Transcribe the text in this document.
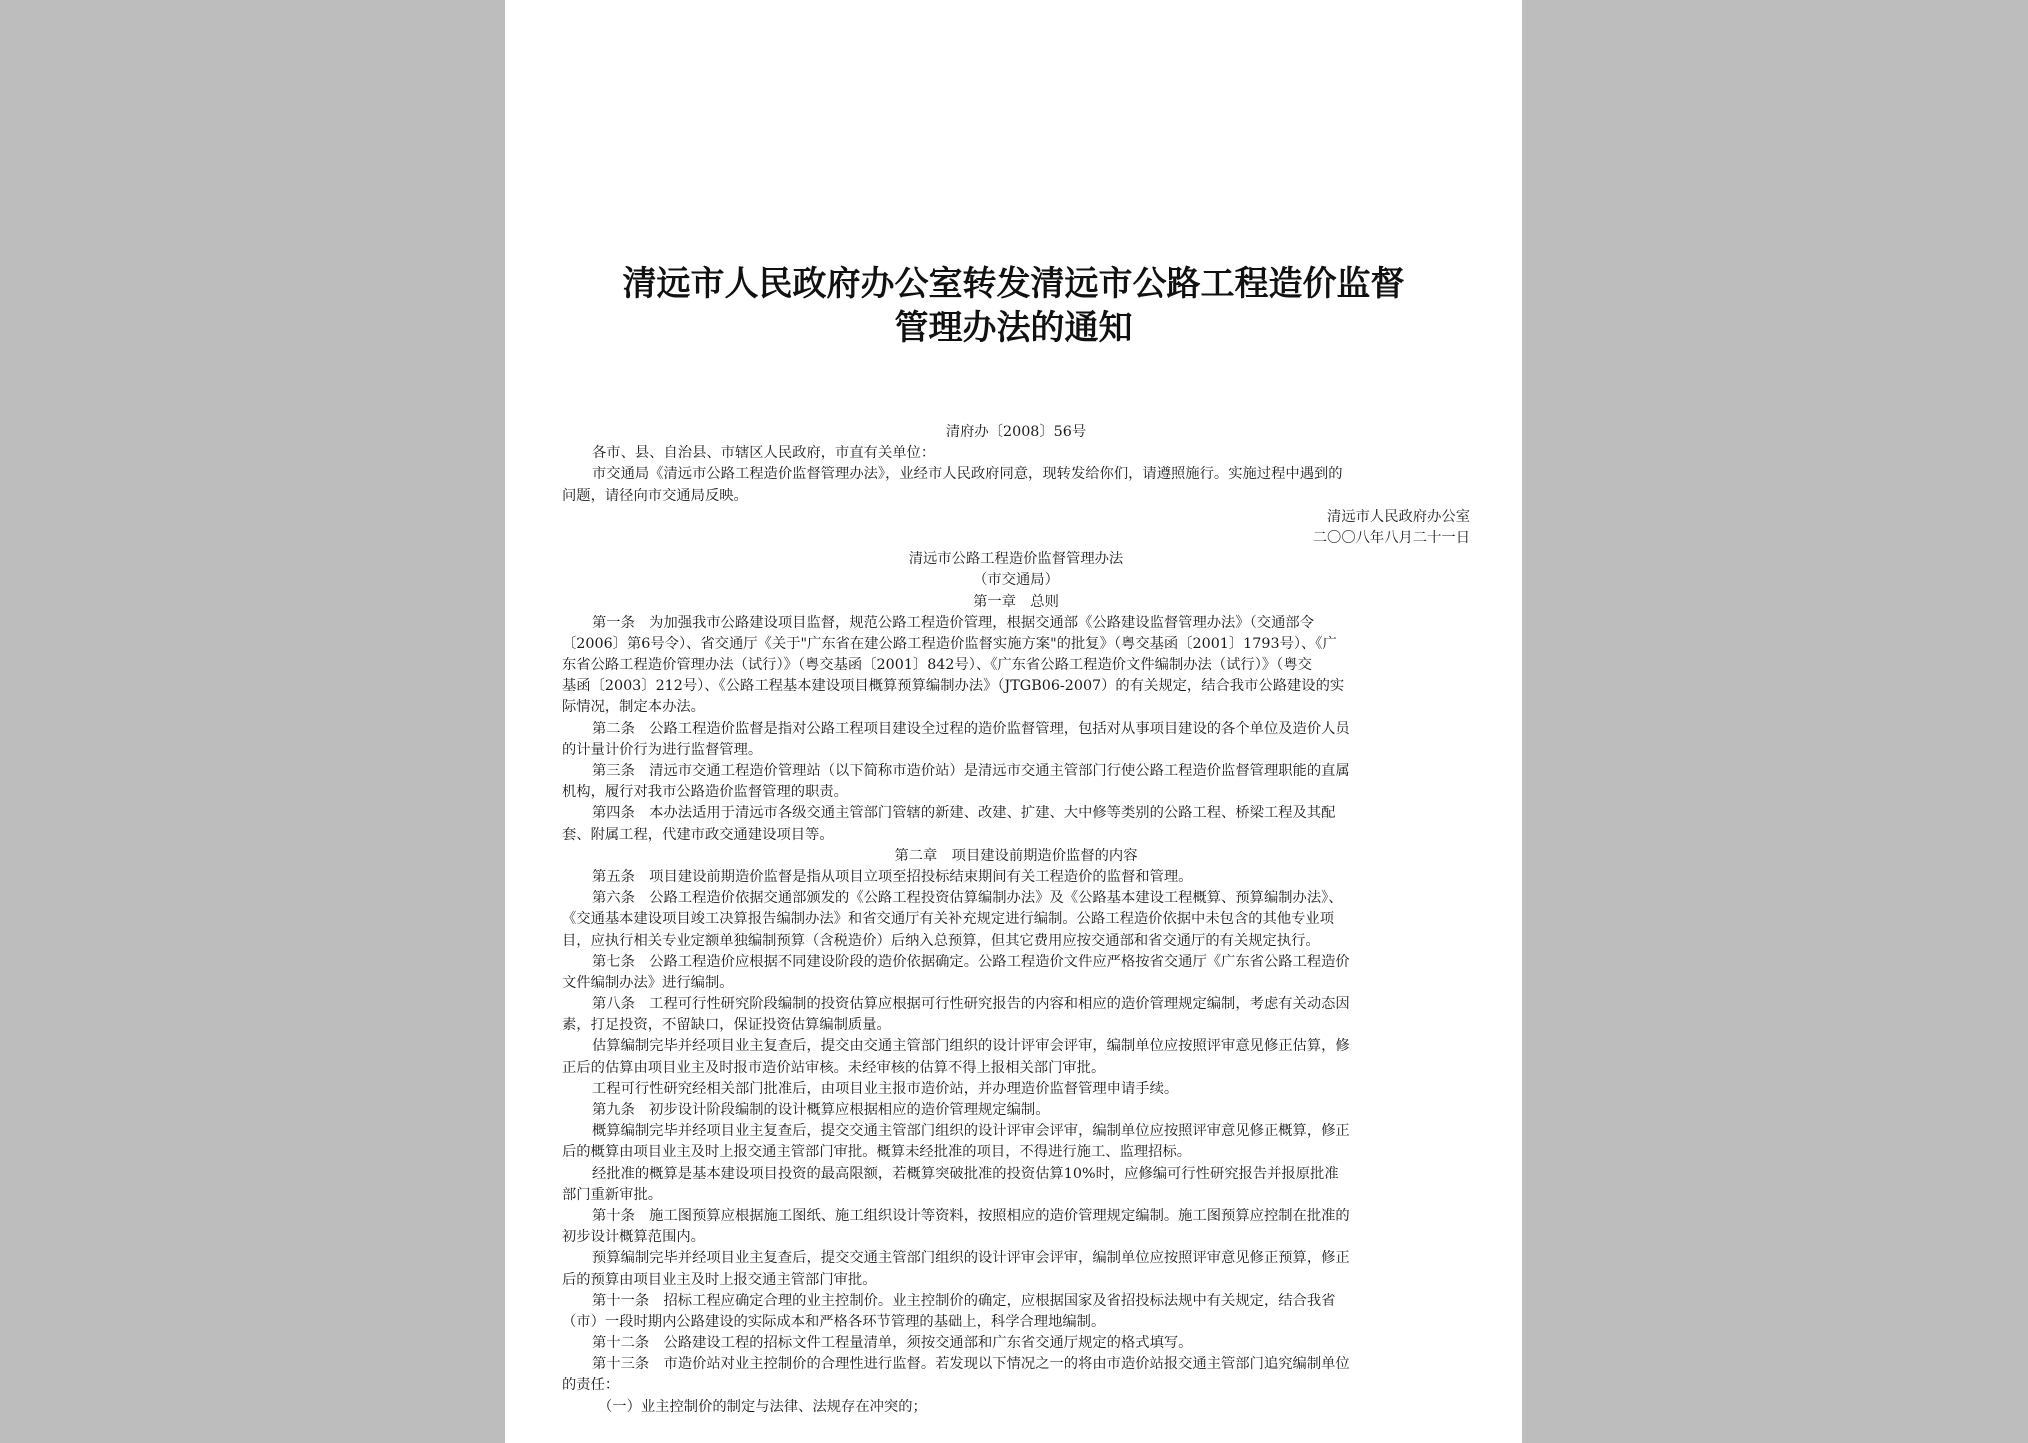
清远市人民政府办公室转发清远市公路工程造价监督
管理办法的通知
清府办〔2008〕56号
各市、县、自治县、市辖区人民政府，市直有关单位：
市交通局《清远市公路工程造价监督管理办法》，业经市人民政府同意，现转发给你们，请遵照施行。实施过程中遇到的
问题，请径向市交通局反映。
清远市人民政府办公室
二〇〇八年八月二十一日
清远市公路工程造价监督管理办法
（市交通局）
第一章　总则
第一条　为加强我市公路建设项目监督，规范公路工程造价管理，根据交通部《公路建设监督管理办法》（交通部令
〔2006〕第6号令）、省交通厅《关于"广东省在建公路工程造价监督实施方案"的批复》（粤交基函〔2001〕1793号）、《广
东省公路工程造价管理办法（试行）》（粤交基函〔2001〕842号）、《广东省公路工程造价文件编制办法（试行）》（粤交
基函〔2003〕212号）、《公路工程基本建设项目概算预算编制办法》（JTGB06-2007）的有关规定，结合我市公路建设的实
际情况，制定本办法。
第二条　公路工程造价监督是指对公路工程项目建设全过程的造价监督管理，包括对从事项目建设的各个单位及造价人员
的计量计价行为进行监督管理。
第三条　清远市交通工程造价管理站（以下简称市造价站）是清远市交通主管部门行使公路工程造价监督管理职能的直属
机构，履行对我市公路造价监督管理的职责。
第四条　本办法适用于清远市各级交通主管部门管辖的新建、改建、扩建、大中修等类别的公路工程、桥梁工程及其配
套、附属工程，代建市政交通建设项目等。
第二章　项目建设前期造价监督的内容
第五条　项目建设前期造价监督是指从项目立项至招投标结束期间有关工程造价的监督和管理。
第六条　公路工程造价依据交通部颁发的《公路工程投资估算编制办法》及《公路基本建设工程概算、预算编制办法》、
《交通基本建设项目竣工决算报告编制办法》和省交通厅有关补充规定进行编制。公路工程造价依据中未包含的其他专业项
目，应执行相关专业定额单独编制预算（含税造价）后纳入总预算，但其它费用应按交通部和省交通厅的有关规定执行。
第七条　公路工程造价应根据不同建设阶段的造价依据确定。公路工程造价文件应严格按省交通厅《广东省公路工程造价
文件编制办法》进行编制。
第八条　工程可行性研究阶段编制的投资估算应根据可行性研究报告的内容和相应的造价管理规定编制，考虑有关动态因
素，打足投资，不留缺口，保证投资估算编制质量。
估算编制完毕并经项目业主复查后，提交由交通主管部门组织的设计评审会评审，编制单位应按照评审意见修正估算，修
正后的估算由项目业主及时报市造价站审核。未经审核的估算不得上报相关部门审批。
工程可行性研究经相关部门批准后，由项目业主报市造价站，并办理造价监督管理申请手续。
第九条　初步设计阶段编制的设计概算应根据相应的造价管理规定编制。
概算编制完毕并经项目业主复查后，提交交通主管部门组织的设计评审会评审，编制单位应按照评审意见修正概算，修正
后的概算由项目业主及时上报交通主管部门审批。概算未经批准的项目，不得进行施工、监理招标。
经批准的概算是基本建设项目投资的最高限额，若概算突破批准的投资估算10%时，应修编可行性研究报告并报原批准
部门重新审批。
第十条　施工图预算应根据施工图纸、施工组织设计等资料，按照相应的造价管理规定编制。施工图预算应控制在批准的
初步设计概算范围内。
预算编制完毕并经项目业主复查后，提交交通主管部门组织的设计评审会评审，编制单位应按照评审意见修正预算，修正
后的预算由项目业主及时上报交通主管部门审批。
第十一条　招标工程应确定合理的业主控制价。业主控制价的确定，应根据国家及省招投标法规中有关规定，结合我省
（市）一段时期内公路建设的实际成本和严格各环节管理的基础上，科学合理地编制。
第十二条　公路建设工程的招标文件工程量清单，须按交通部和广东省交通厅规定的格式填写。
第十三条　市造价站对业主控制价的合理性进行监督。若发现以下情况之一的将由市造价站报交通主管部门追究编制单位
的责任：
（一）业主控制价的制定与法律、法规存在冲突的；
